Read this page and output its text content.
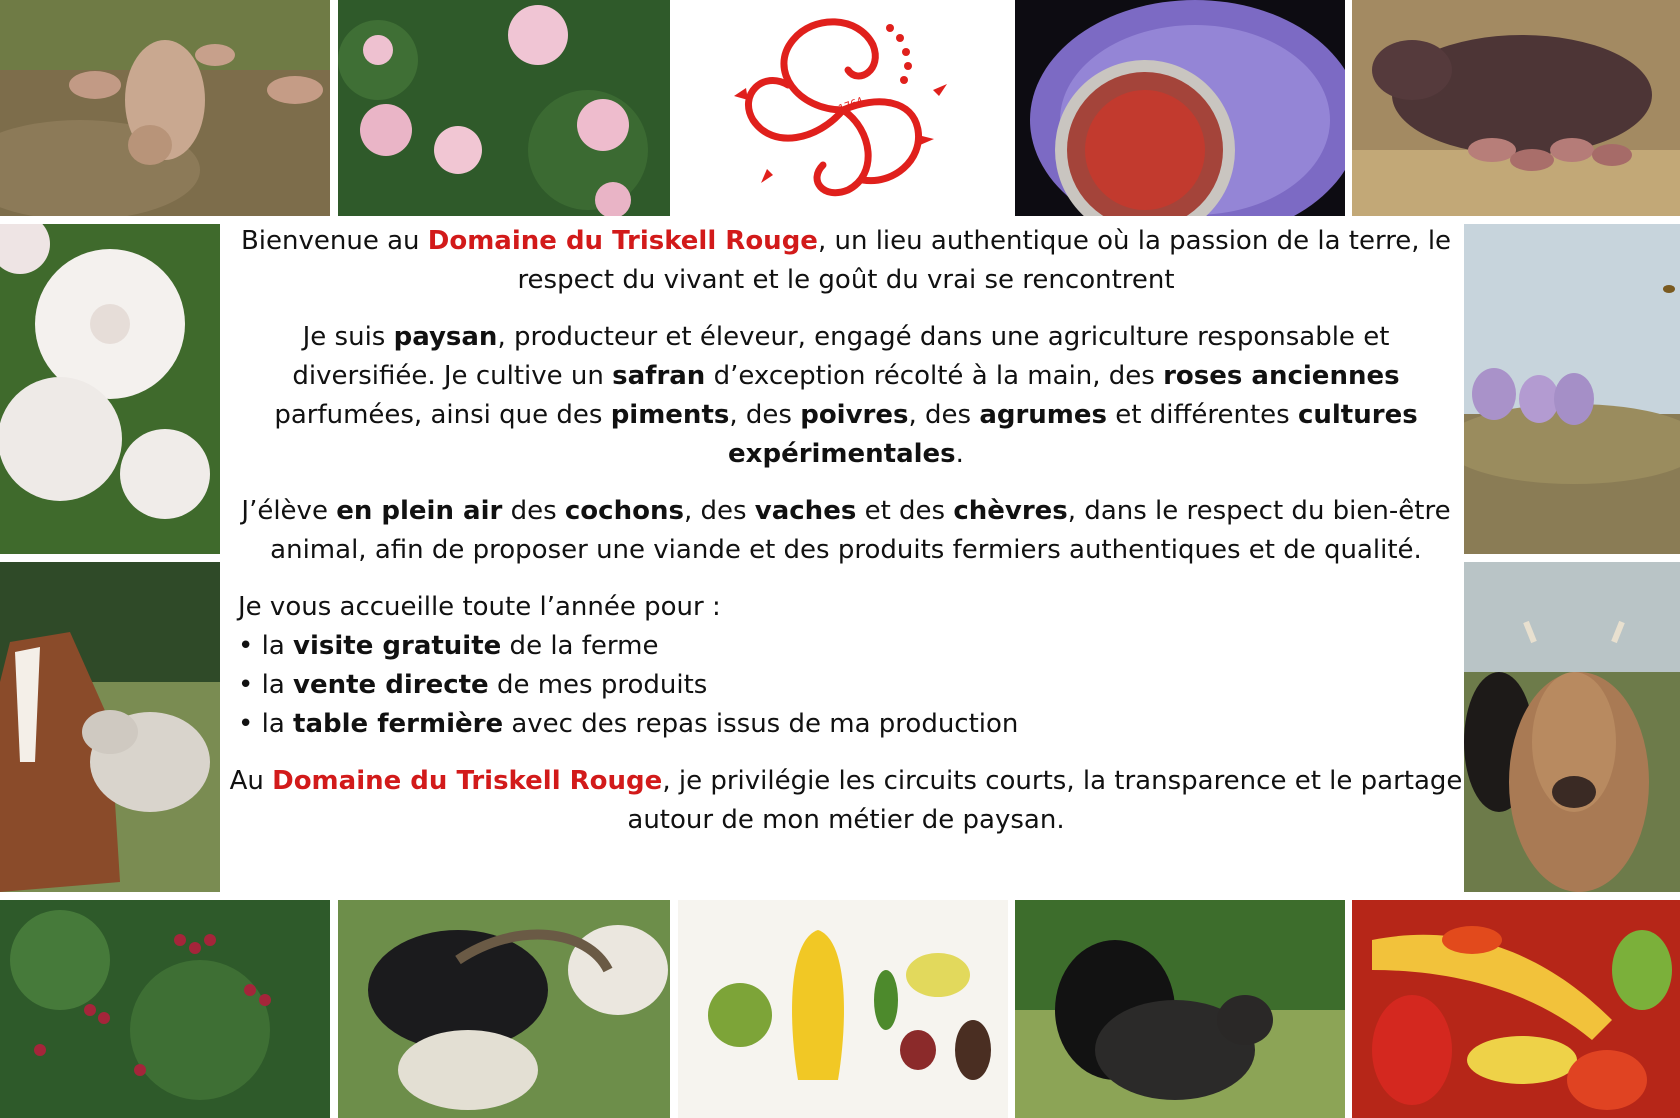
1764

Bienvenue au Domaine du Triskell Rouge, un lieu authentique où la passion de la terre, le
respect du vivant et le goût du vrai se rencontrent

Je suis paysan, producteur et éleveur, engagé dans une agriculture responsable et
diversifiée. Je cultive un safran d’exception récolté à la main, des roses anciennes
parfumées, ainsi que des piments, des poivres, des agrumes et différentes cultures
expérimentales.

J’élève en plein air des cochons, des vaches et des chèvres, dans le respect du bien-être
animal, afin de proposer une viande et des produits fermiers authentiques et de qualité.

Je vous accueille toute l’année pour :

• la visite gratuite de la ferme

• la vente directe de mes produits

• la table fermière avec des repas issus de ma production

Au Domaine du Triskell Rouge, je privilégie les circuits courts, la transparence et le partage
autour de mon métier de paysan.
